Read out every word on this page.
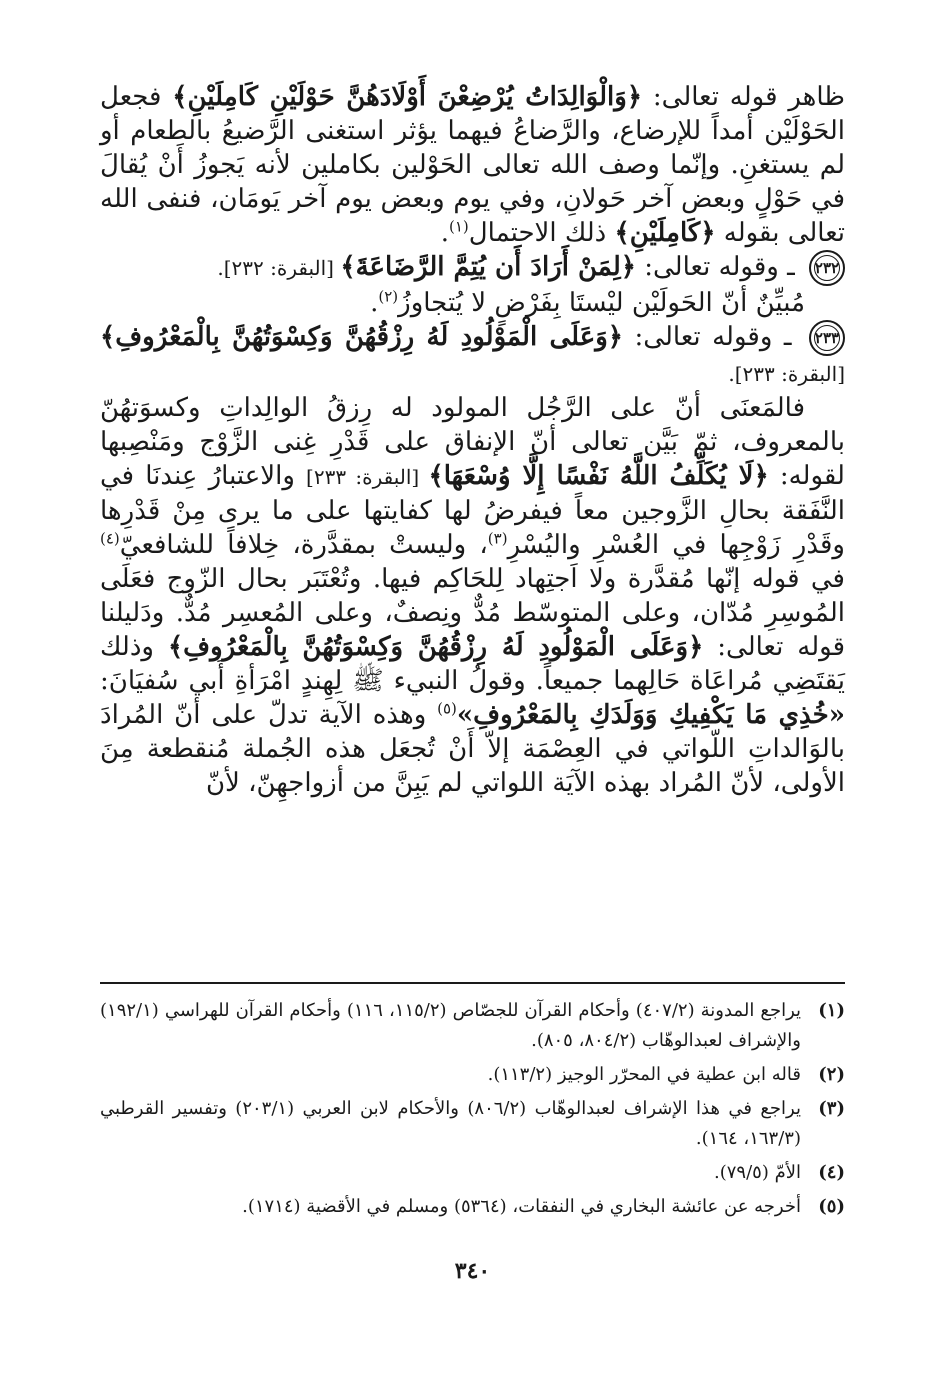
ظاهر قوله تعالى: ﴿وَالْوَالِدَاتُ يُرْضِعْنَ أَوْلَادَهُنَّ حَوْلَيْنِ كَامِلَيْنِ﴾ فجعل الحَوْلَيْن أمداً للإرضاع، والرَّضاعُ فيهما يؤثر استغنى الرَّضيعُ بالطعام أو لم يستغنِ. وإنّما وصف الله تعالى الحَوْلين بكاملين لأنه يَجوزُ أَنْ يُقالَ في حَوْلٍ وبعض آخر حَولانِ، وفي يوم وبعض يوم آخر يَومَان، فنفى الله تعالى بقوله ﴿كَامِلَيْنِ﴾ ذلك الاحتمال$^{(١)}$.

٢٣٢ ـ وقوله تعالى: ﴿لِمَنْ أَرَادَ أَن يُتِمَّ الرَّضَاعَةَ﴾ [البقرة: ٢٣٢].

مُبيِّنٌ أنّ الحَولَيْن ليْستَا بِفَرْضٍ لا يُتجاوزُ$^{(٢)}$.

٢٣٣ ـ وقوله تعالى: ﴿وَعَلَى الْمَوْلُودِ لَهُ رِزْقُهُنَّ وَكِسْوَتُهُنَّ بِالْمَعْرُوفِ﴾ [البقرة: ٢٣٣].

فالمَعنَى أنّ على الرَّجُل المولود له رِزقُ الوالِداتِ وكسوَتهُنّ بالمعروف، ثمّ بَيَّن تعالى أنّ الإنفاق على قَدْرِ غِنى الزَّوْج ومَنْصِبها لقوله: ﴿لَا يُكَلِّفُ اللَّهُ نَفْسًا إِلَّا وُسْعَهَا﴾ [البقرة: ٢٣٣] والاعتبارُ عِندنَا في النَّفَقة بحالِ الزَّوجين معاً فيفرضُ لها كفايتها على ما يرى مِنْ قَدْرِها وقَدْرِ زَوْجِها في العُسْرِ واليُسْرِ$^{(٣)}$، وليستْ بمقدَّرة، خِلافاً للشافعيّ$^{(٤)}$ في قوله إنّها مُقدَّرة ولا اَجتِهاد لِلحَاكِم فيها. وتُعْتَبَر بحال الزّوج فعَلَى المُوسِرِ مُدّان، وعلى المتوسّط مُدٌّ ونِصفٌ، وعلى المُعسِر مُدٌّ. ودَليلنا قوله تعالى: ﴿وَعَلَى الْمَوْلُودِ لَهُ رِزْقُهُنَّ وَكِسْوَتُهُنَّ بِالْمَعْرُوفِ﴾ وذلك يَقتَضِي مُراعَاة حَالِهما جميعاً. وقولُ النبيء ﷺ لِهِندٍ امْرَأةِ أَبي سُفيَانَ: «خُذِي مَا يَكْفِيكِ وَوَلَدَكِ بِالمَعْرُوفِ»$^{(٥)}$ وهذه الآية تدلّ على أنّ المُرادَ بالوَالداتِ اللّواتي في العِصْمَة إلاّ أَنْ تُجعَل هذه الجُملة مُنقطعة مِنَ الأولى، لأنّ المُراد بهذه الآيَة اللواتي لم يَبِنَّ من أزواجهِنّ، لأنّ

(١)
يراجع المدونة (٤٠٧/٢) وأحكام القرآن للجصّاص (١١٥/٢، ١١٦) وأحكام القرآن للهراسي (١٩٢/١) والإشراف لعبدالوهّاب (٨٠٤/٢، ٨٠٥).
(٢)
قاله ابن عطية في المحرّر الوجيز (١١٣/٢).
(٣)
يراجع في هذا الإشراف لعبدالوهّاب (٨٠٦/٢) والأحكام لابن العربي (٢٠٣/١) وتفسير القرطبي (١٦٣/٣، ١٦٤).
(٤)
الأمّ (٧٩/٥).
(٥)
أخرجه عن عائشة البخاري في النفقات، (٥٣٦٤) ومسلم في الأقضية (١٧١٤).
٣٤٠
